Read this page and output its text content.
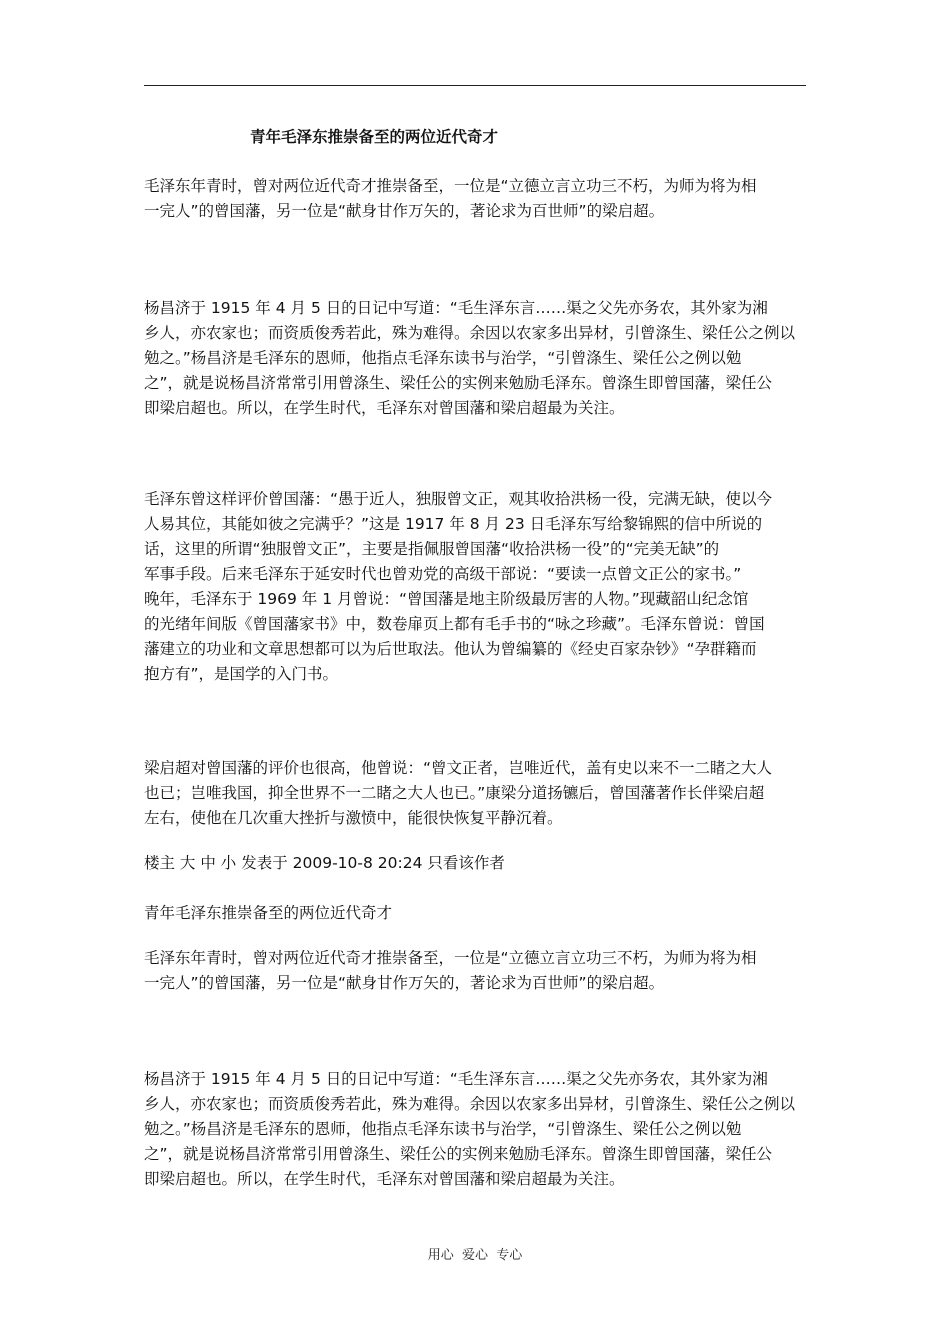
青年毛泽东推崇备至的两位近代奇才

毛泽东年青时，曾对两位近代奇才推崇备至，一位是“立德立言立功三不朽，为师为将为相
一完人”的曾国藩，另一位是“献身甘作万矢的，著论求为百世师”的梁启超。

杨昌济于 1915 年 4 月 5 日的日记中写道：“毛生泽东言……渠之父先亦务农，其外家为湘
乡人，亦农家也；而资质俊秀若此，殊为难得。余因以农家多出异材，引曾涤生、梁任公之例以
勉之。”杨昌济是毛泽东的恩师，他指点毛泽东读书与治学，“引曾涤生、梁任公之例以勉
之”，就是说杨昌济常常引用曾涤生、梁任公的实例来勉励毛泽东。曾涤生即曾国藩，梁任公
即梁启超也。所以，在学生时代，毛泽东对曾国藩和梁启超最为关注。

毛泽东曾这样评价曾国藩：“愚于近人，独服曾文正，观其收拾洪杨一役，完满无缺，使以今
人易其位，其能如彼之完满乎？”这是 1917 年 8 月 23 日毛泽东写给黎锦熙的信中所说的
话，这里的所谓“独服曾文正”，主要是指佩服曾国藩“收拾洪杨一役”的“完美无缺”的
军事手段。后来毛泽东于延安时代也曾劝党的高级干部说：“要读一点曾文正公的家书。”
晚年，毛泽东于 1969 年 1 月曾说：“曾国藩是地主阶级最厉害的人物。”现藏韶山纪念馆
的光绪年间版《曾国藩家书》中，数卷扉页上都有毛手书的“咏之珍藏”。毛泽东曾说：曾国
藩建立的功业和文章思想都可以为后世取法。他认为曾编纂的《经史百家杂钞》“孕群籍而
抱方有”，是国学的入门书。

梁启超对曾国藩的评价也很高，他曾说：“曾文正者，岂唯近代，盖有史以来不一二睹之大人
也已；岂唯我国，抑全世界不一二睹之大人也已。”康梁分道扬镳后，曾国藩著作长伴梁启超
左右，使他在几次重大挫折与激愤中，能很快恢复平静沉着。

楼主 大 中 小 发表于 2009-10-8 20:24 只看该作者

青年毛泽东推崇备至的两位近代奇才

毛泽东年青时，曾对两位近代奇才推崇备至，一位是“立德立言立功三不朽，为师为将为相
一完人”的曾国藩，另一位是“献身甘作万矢的，著论求为百世师”的梁启超。

杨昌济于 1915 年 4 月 5 日的日记中写道：“毛生泽东言……渠之父先亦务农，其外家为湘
乡人，亦农家也；而资质俊秀若此，殊为难得。余因以农家多出异材，引曾涤生、梁任公之例以
勉之。”杨昌济是毛泽东的恩师，他指点毛泽东读书与治学，“引曾涤生、梁任公之例以勉
之”，就是说杨昌济常常引用曾涤生、梁任公的实例来勉励毛泽东。曾涤生即曾国藩，梁任公
即梁启超也。所以，在学生时代，毛泽东对曾国藩和梁启超最为关注。

用心  爱心  专心
